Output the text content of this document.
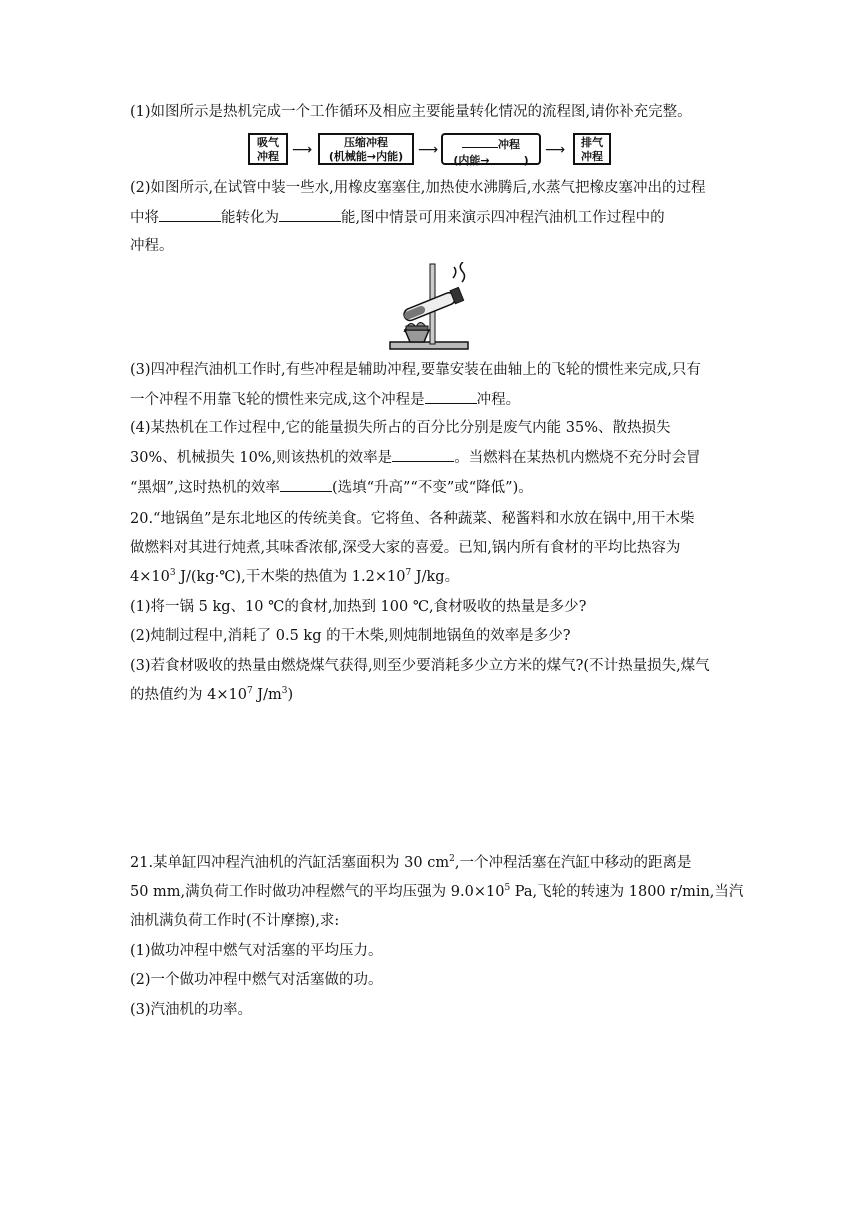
(1)如图所示是热机完成一个工作循环及相应主要能量转化情况的流程图,请你补充完整。
吸气
冲程 ⟶	压缩冲程
(机械能→内能)	⟶	冲程
(内能→	)
⟶	排气
冲程
(2)如图所示,在试管中装一些水,用橡皮塞塞住,加热使水沸腾后,水蒸气把橡皮塞冲出的过程
中将	能转化为	能,图中情景可用来演示四冲程汽油机工作过程中的
冲程。
(3)四冲程汽油机工作时,有些冲程是辅助冲程,要靠安装在曲轴上的飞轮的惯性来完成,只有
一个冲程不用靠飞轮的惯性来完成,这个冲程是	冲程。
(4)某热机在工作过程中,它的能量损失所占的百分比分别是废气内能 35%、散热损失
30%、机械损失 10%,则该热机的效率是	。当燃料在某热机内燃烧不充分时会冒
“黑烟”,这时热机的效率	(选填“升高”“不变”或“降低”)。
20.“地锅鱼”是东北地区的传统美食。它将鱼、各种蔬菜、秘酱料和水放在锅中,用干木柴
做燃料对其进行炖煮,其味香浓郁,深受大家的喜爱。已知,锅内所有食材的平均比热容为
$4\times 10^3$ J/(kg·℃),干木柴的热值为 $1.2\times 10^7$ J/kg。
(1)将一锅 5 kg、10 ℃的食材,加热到 100 ℃,食材吸收的热量是多少?
(2)炖制过程中,消耗了 0.5 kg 的干木柴,则炖制地锅鱼的效率是多少?
(3)若食材吸收的热量由燃烧煤气获得,则至少要消耗多少立方米的煤气?(不计热量损失,煤气
的热值约为 $4\times 10^7$ $J/m^3$)
21.某单缸四冲程汽油机的汽缸活塞面积为 30 $cm^2$,一个冲程活塞在汽缸中移动的距离是
50 mm,满负荷工作时做功冲程燃气的平均压强为 $9.0\times 10^5$ Pa,飞轮的转速为 1800 r/min,当汽
油机满负荷工作时(不计摩擦),求:
(1)做功冲程中燃气对活塞的平均压力。
(2)一个做功冲程中燃气对活塞做的功。
(3)汽油机的功率。
